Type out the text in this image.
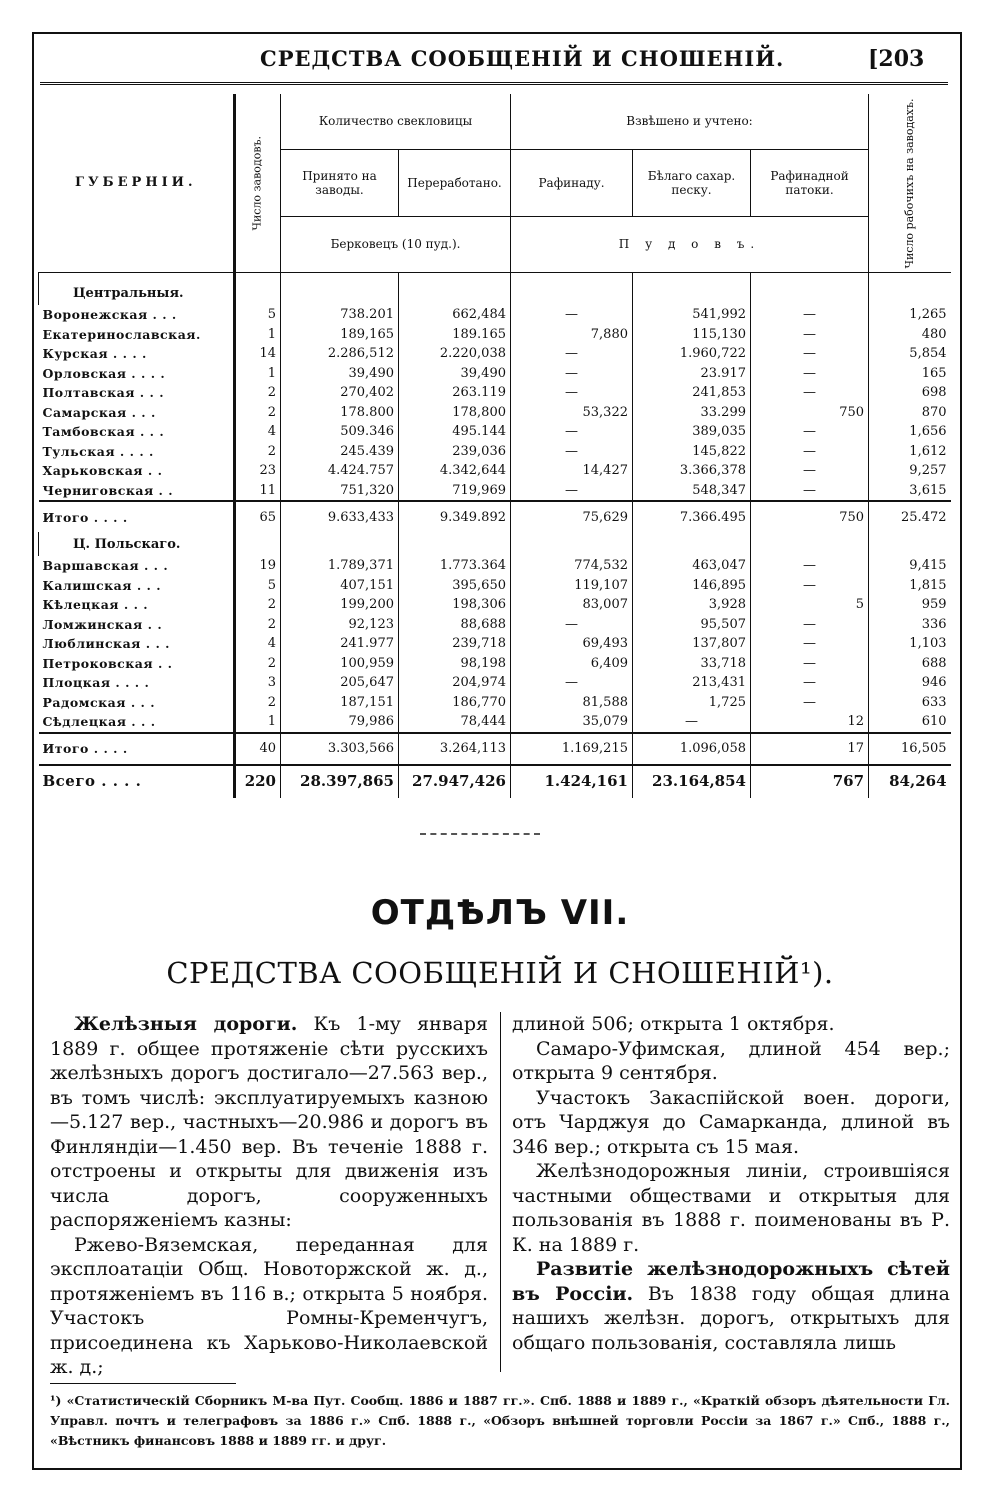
СРЕДСТВА СООБЩЕНІЙ И СНОШЕНІЙ.	[203
ГУБЕРНІИ.	Число заводовъ.	Количество свекловицы		Взвѣшено и учтено:			Число рабочихъ на заводахъ.
		Принято на заводы.	Переработано.	Рафинаду.	Бѣлаго сахар. песку.	Рафинадной патоки.	
		Берковецъ (10 пуд.).		П у д о в ъ.			

Центральныя.							
Воронежская . . .	5	738.201	662,484	—	541,992	—	1,265
Екатеринославская.	1	189,165	189.165	7,880	115,130	—	480
Курская . . . .	14	2.286,512	2.220,038	—	1.960,722	—	5,854
Орловская . . . .	1	39,490	39,490	—	23.917	—	165
Полтавская . . .	2	270,402	263.119	—	241,853	—	698
Самарская . . .	2	178.800	178,800	53,322	33.299	750	870
Тамбовская . . .	4	509.346	495.144	—	389,035	—	1,656
Тульская . . . .	2	245.439	239,036	—	145,822	—	1,612
Харьковская . .	23	4.424.757	4.342,644	14,427	3.366,378	—	9,257
Черниговская . .	11	751,320	719,969	—	548,347	—	3,615
Итого . . . .	65	9.633,433	9.349.892	75,629	7.366.495	750	25.472
Ц. Польскаго.							
Варшавская . . .	19	1.789,371	1.773.364	774,532	463,047	—	9,415
Калишская . . .	5	407,151	395,650	119,107	146,895	—	1,815
Кѣлецкая . . .	2	199,200	198,306	83,007	3,928	5	959
Ломжинская . .	2	92,123	88,688	—	95,507	—	336
Люблинская . . .	4	241.977	239,718	69,493	137,807	—	1,103
Петроковская . .	2	100,959	98,198	6,409	33,718	—	688
Плоцкая . . . .	3	205,647	204,974	—	213,431	—	946
Радомская . . .	2	187,151	186,770	81,588	1,725	—	633
Сѣдлецкая . . .	1	79,986	78,444	35,079	—	12	610
Итого . . . .	40	3.303,566	3.264,113	1.169,215	1.096,058	17	16,505
Всего . . . .	220	28.397,865	27.947,426	1.424,161	23.164,854	767	84,264
ОТДѢЛЪ VII.
СРЕДСТВА СООБЩЕНІЙ И СНОШЕНІЙ¹).

Желѣзныя дороги. Къ 1-му января 1889 г. общее протяженіе сѣти русскихъ желѣзныхъ дорогъ достигало—27.563 вер., въ томъ числѣ: эксплуатируемыхъ казною—5.127 вер., частныхъ—20.986 и дорогъ въ Финляндіи—1.450 вер. Въ теченіе 1888 г. отстроены и открыты для движенія изъ числа дорогъ, сооруженныхъ распоряженіемъ казны:

Ржево-Вяземская, переданная для эксплоатаціи Общ. Новоторжской ж. д., протяженіемъ въ 116 в.; открыта 5 ноября. Участокъ Ромны-Кременчугъ, присоединена къ Харьково-Николаевской ж. д.;

длиной 506; открыта 1 октября.

Самаро-Уфимская, длиной 454 вер.; открыта 9 сентября.

Участокъ Закаспійской воен. дороги, отъ Чарджуя до Самарканда, длиной въ 346 вер.; открыта съ 15 мая.

Желѣзнодорожныя линіи, строившіяся частными обществами и открытыя для пользованія въ 1888 г. поименованы въ Р. К. на 1889 г.

Развитіе желѣзнодорожныхъ сѣтей въ Россіи. Въ 1838 году общая длина нашихъ желѣзн. дорогъ, открытыхъ для общаго пользованія, составляла лишь

¹) «Статистическій Сборникъ М-ва Пут. Сообщ. 1886 и 1887 гг.». Спб. 1888 и 1889 г., «Краткій обзоръ дѣятельности Гл. Управл. почтъ и телеграфовъ за 1886 г.» Спб. 1888 г., «Обзоръ внѣшней торговли Россіи за 1867 г.» Спб., 1888 г., «Вѣстникъ финансовъ 1888 и 1889 гг. и друг.
